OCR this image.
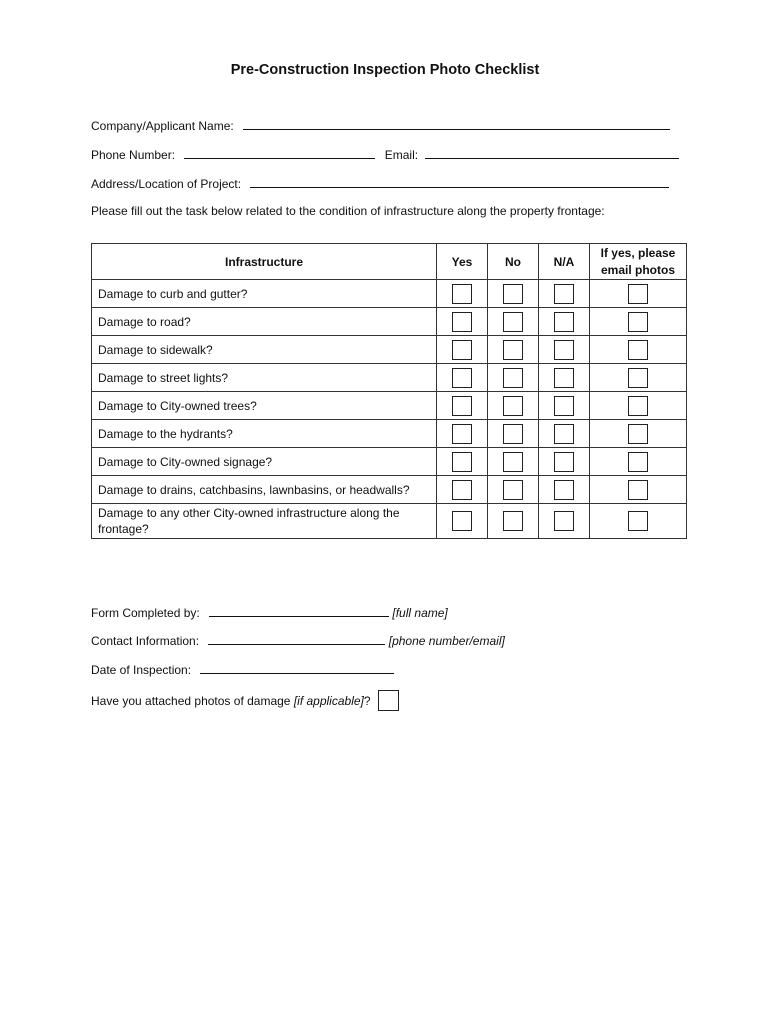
Pre-Construction Inspection Photo Checklist
Company/Applicant Name:
Phone Number:	Email:
Address/Location of Project:
Please fill out the task below related to the condition of infrastructure along the property frontage:
Infrastructure	Yes	No	N/A	If yes, please email photos
Damage to curb and gutter?				
Damage to road?				
Damage to sidewalk?				
Damage to street lights?				
Damage to City-owned trees?				
Damage to the hydrants?				
Damage to City-owned signage?				
Damage to drains, catchbasins, lawnbasins, or headwalls?				
Damage to any other City-owned infrastructure along the frontage?				
Form Completed by:	[full name]
Contact Information:	[phone number/email]
Date of Inspection:
Have you attached photos of damage [if applicable]?
